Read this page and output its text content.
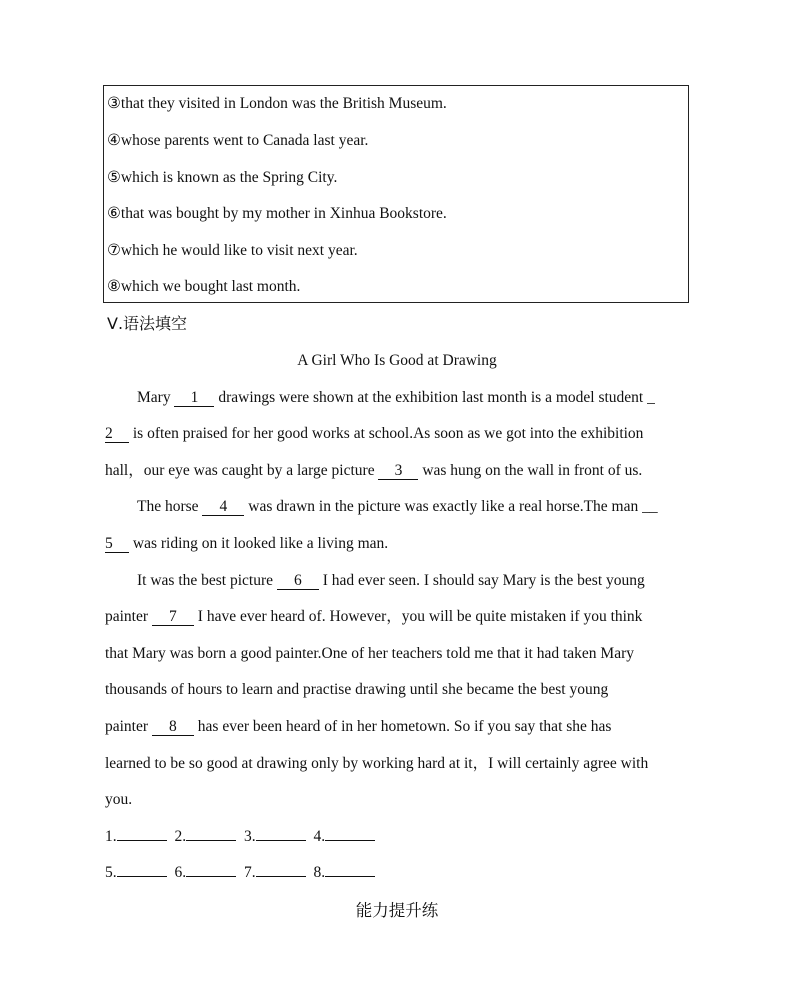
③that they visited in London was the British Museum.
④whose parents went to Canada last year.
⑤which is known as the Spring City.
⑥that was bought by my mother in Xinhua Bookstore.
⑦which he would like to visit next year.
⑧which we bought last month.
Ⅴ.语法填空
A Girl Who Is Good at Drawing
Mary 1 drawings were shown at the exhibition last month is a model student _
2 is often praised for her good works at school.As soon as we got into the exhibition
hall，our eye was caught by a large picture 3 was hung on the wall in front of us.
The horse 4 was drawn in the picture was exactly like a real horse.The man __
5 was riding on it looked like a living man.
It was the best picture 6 I had ever seen. I should say Mary is the best young
painter 7 I have ever heard of. However，you will be quite mistaken if you think
that Mary was born a good painter.One of her teachers told me that it had taken Mary
thousands of hours to learn and practise drawing until she became the best young
painter 8 has ever been heard of in her hometown. So if you say that she has
learned to be so good at drawing only by working hard at it，I will certainly agree with
you.
1.	2.	3.	4.
5.	6.	7.	8.
能力提升练
